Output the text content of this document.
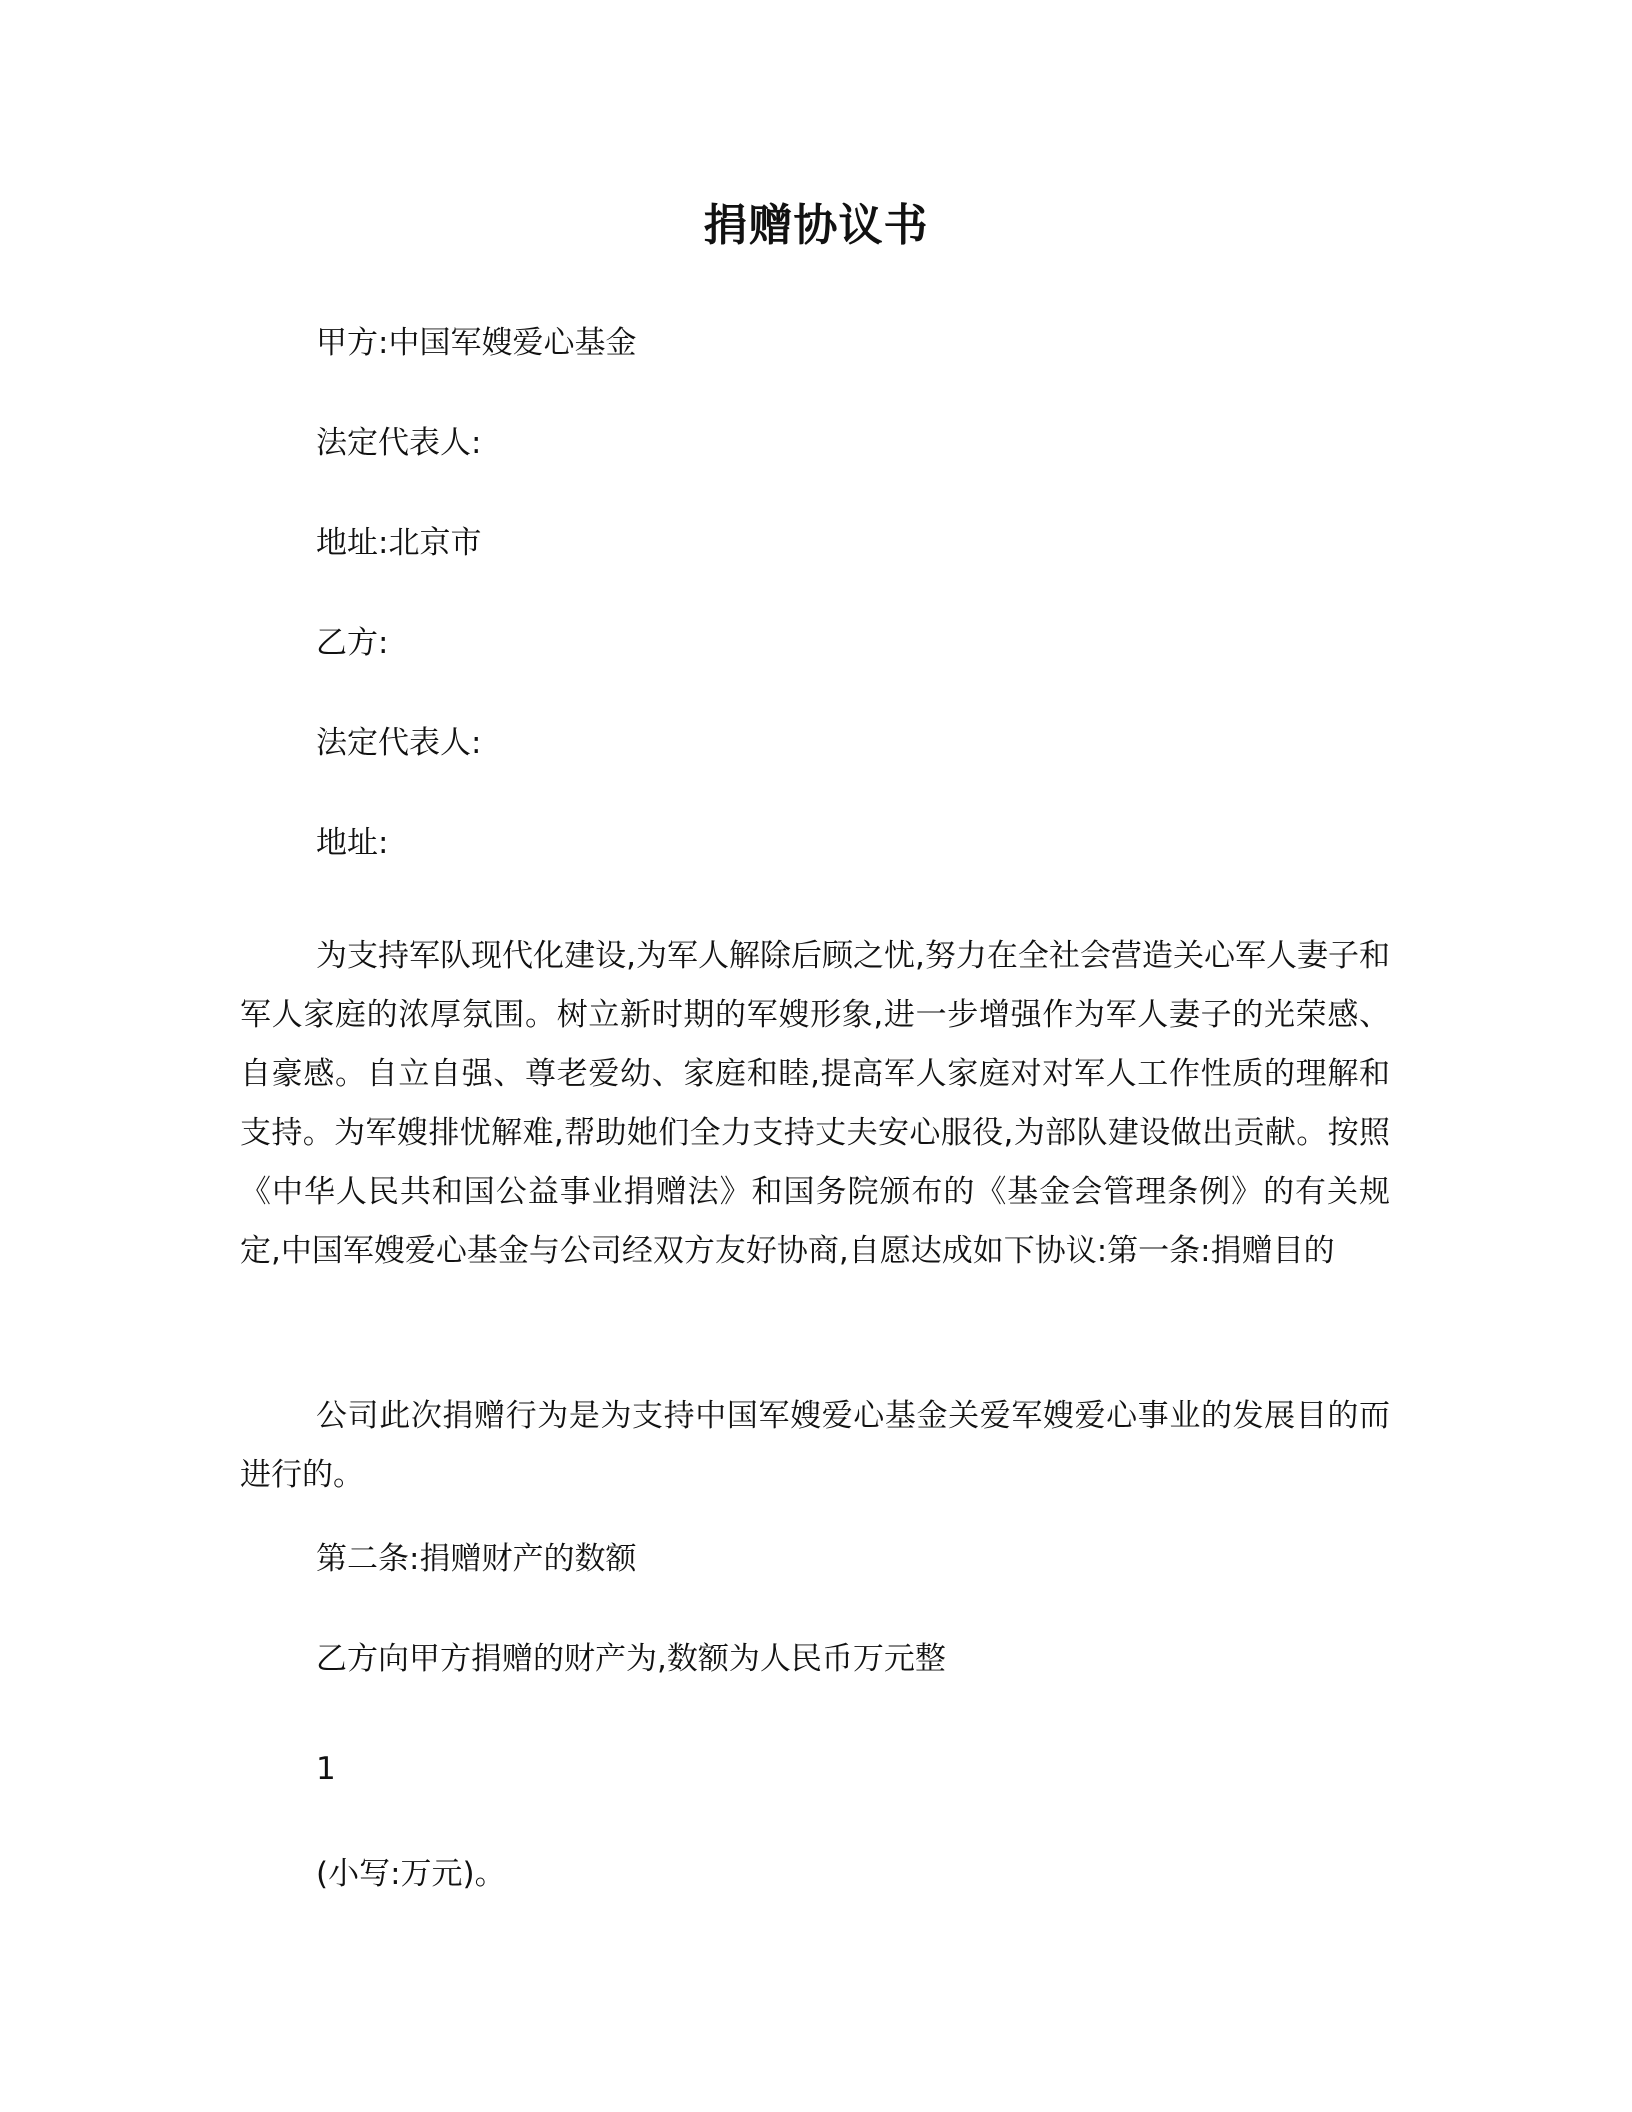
捐赠协议书
甲方:中国军嫂爱心基金
法定代表人:
地址:北京市
乙方:
法定代表人:
地址:
为支持军队现代化建设,为军人解除后顾之忧,努力在全社会营造关心军人妻子和军人家庭的浓厚氛围。树立新时期的军嫂形象,进一步增强作为军人妻子的光荣感、自豪感。自立自强、尊老爱幼、家庭和睦,提高军人家庭对对军人工作性质的理解和支持。为军嫂排忧解难,帮助她们全力支持丈夫安心服役,为部队建设做出贡献。按照《中华人民共和国公益事业捐赠法》和国务院颁布的《基金会管理条例》的有关规定,中国军嫂爱心基金与公司经双方友好协商,自愿达成如下协议:第一条:捐赠目的
公司此次捐赠行为是为支持中国军嫂爱心基金关爱军嫂爱心事业的发展目的而进行的。
第二条:捐赠财产的数额
乙方向甲方捐赠的财产为,数额为人民币万元整
1
(小写:万元)。
